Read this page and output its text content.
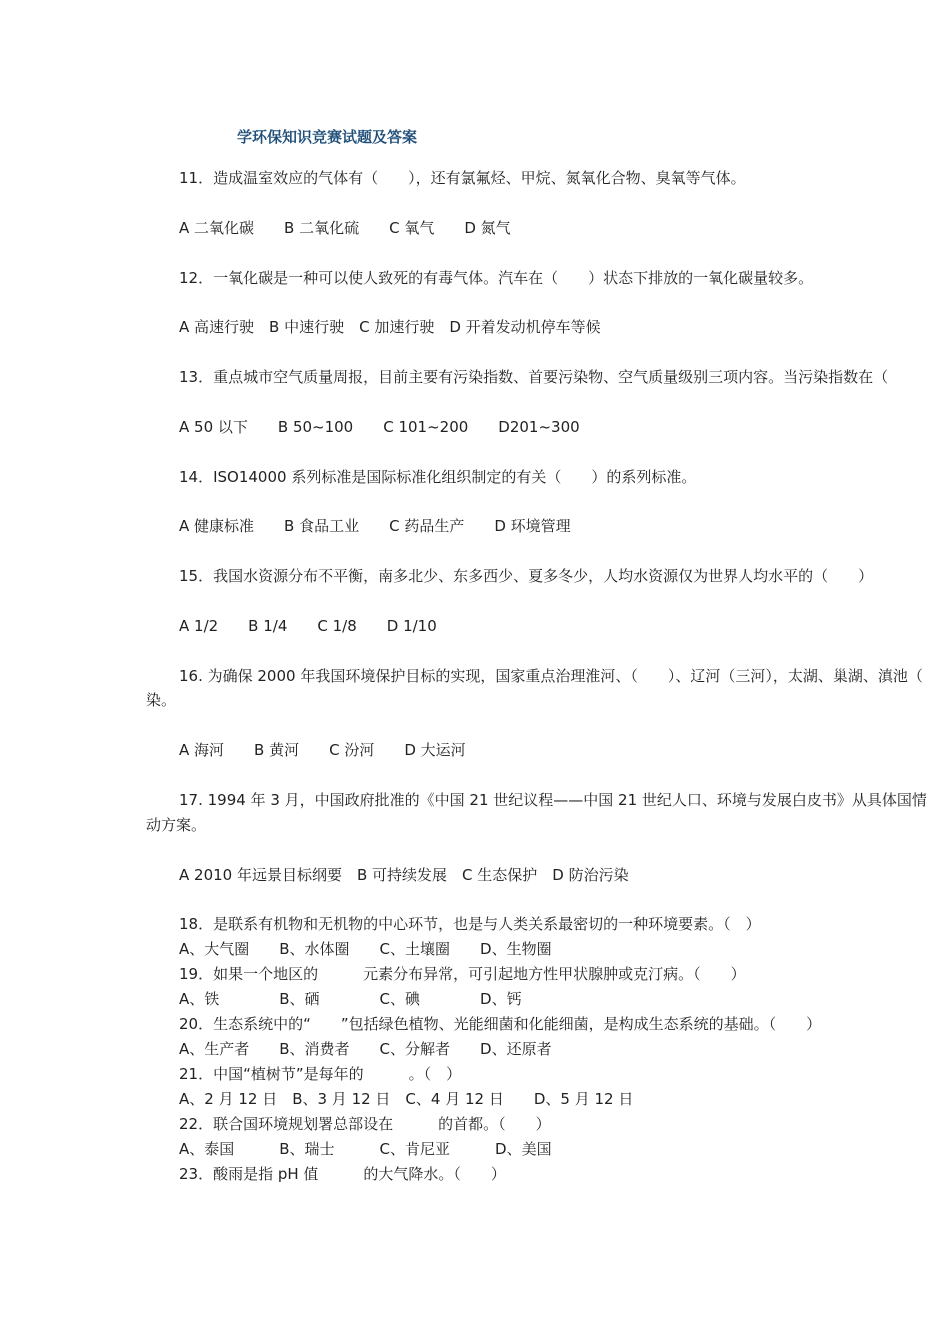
学环保知识竞赛试题及答案
11．造成温室效应的气体有（　　），还有氯氟烃、甲烷、氮氧化合物、臭氧等气体。
A 二氧化碳　　B 二氧化硫　　C 氧气　　D 氮气
12．一氧化碳是一种可以使人致死的有毒气体。汽车在（　　）状态下排放的一氧化碳量较多。
A 高速行驶　B 中速行驶　C 加速行驶　D 开着发动机停车等候
13．重点城市空气质量周报，目前主要有污染指数、首要污染物、空气质量级别三项内容。当污染指数在（
A 50 以下　　B 50~100　　C 101~200　　D201~300
14．ISO14000 系列标准是国际标准化组织制定的有关（　　）的系列标准。
A 健康标准　　B 食品工业　　C 药品生产　　D 环境管理
15．我国水资源分布不平衡，南多北少、东多西少、夏多冬少，人均水资源仅为世界人均水平的（　　）
A 1/2　　B 1/4　　C 1/8　　D 1/10
16. 为确保 2000 年我国环境保护目标的实现，国家重点治理淮河、（　　）、辽河（三河），太湖、巢湖、滇池（
染。
A 海河　　B 黄河　　C 汾河　　D 大运河
17. 1994 年 3 月，中国政府批准的《中国 21 世纪议程——中国 21 世纪人口、环境与发展白皮书》从具体国情
动方案。
A 2010 年远景目标纲要　B 可持续发展　C 生态保护　D 防治污染
18．是联系有机物和无机物的中心环节，也是与人类关系最密切的一种环境要素。（　）
A、大气圈　　B、水体圈　　C、土壤圈　　D、生物圈
19．如果一个地区的　　　元素分布异常，可引起地方性甲状腺肿或克汀病。（　　）
A、铁　　　　B、硒　　　　C、碘　　　　D、钙
20．生态系统中的“　　”包括绿色植物、光能细菌和化能细菌，是构成生态系统的基础。（　　）
A、生产者　　B、消费者　　C、分解者　　D、还原者
21．中国“植树节”是每年的　　　。（　）
A、2 月 12 日　B、3 月 12 日　C、4 月 12 日　　D、5 月 12 日
22．联合国环境规划署总部设在　　　的首都。（　　）
A、泰国　　　B、瑞士　　　C、肯尼亚　　　D、美国
23．酸雨是指 pH 值　　　的大气降水。（　　）
